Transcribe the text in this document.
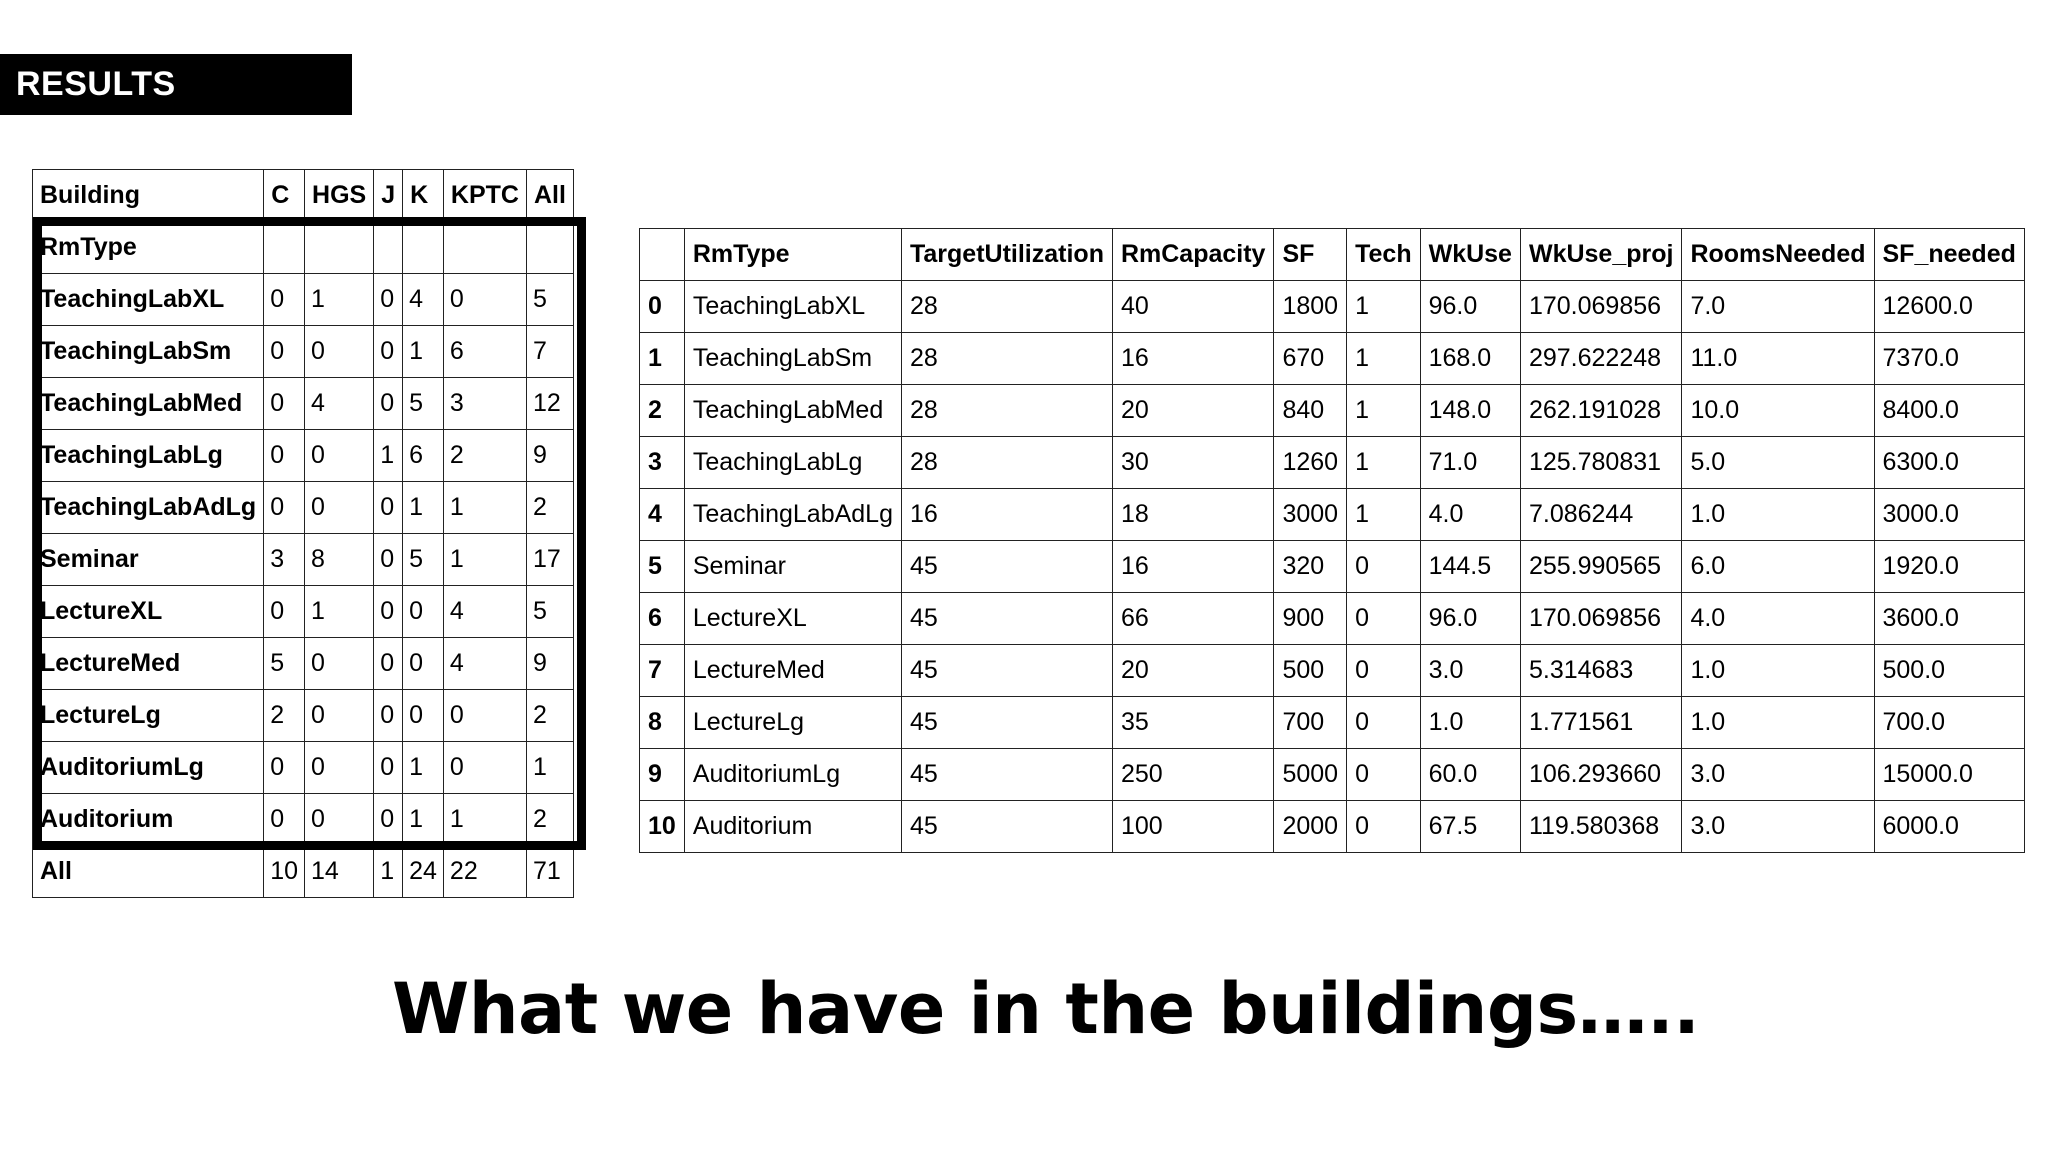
RESULTS
Building	C	HGS	J	K	KPTC	All
RmType						
TeachingLabXL	0	1	0	4	0	5
TeachingLabSm	0	0	0	1	6	7
TeachingLabMed	0	4	0	5	3	12
TeachingLabLg	0	0	1	6	2	9
TeachingLabAdLg	0	0	0	1	1	2
Seminar	3	8	0	5	1	17
LectureXL	0	1	0	0	4	5
LectureMed	5	0	0	0	4	9
LectureLg	2	0	0	0	0	2
AuditoriumLg	0	0	0	1	0	1
Auditorium	0	0	0	1	1	2
All	10	14	1	24	22	71
	RmType	TargetUtilization	RmCapacity	SF	Tech	WkUse	WkUse_proj	RoomsNeeded	SF_needed
0	TeachingLabXL	28	40	1800	1	96.0	170.069856	7.0	12600.0
1	TeachingLabSm	28	16	670	1	168.0	297.622248	11.0	7370.0
2	TeachingLabMed	28	20	840	1	148.0	262.191028	10.0	8400.0
3	TeachingLabLg	28	30	1260	1	71.0	125.780831	5.0	6300.0
4	TeachingLabAdLg	16	18	3000	1	4.0	7.086244	1.0	3000.0
5	Seminar	45	16	320	0	144.5	255.990565	6.0	1920.0
6	LectureXL	45	66	900	0	96.0	170.069856	4.0	3600.0
7	LectureMed	45	20	500	0	3.0	5.314683	1.0	500.0
8	LectureLg	45	35	700	0	1.0	1.771561	1.0	700.0
9	AuditoriumLg	45	250	5000	0	60.0	106.293660	3.0	15000.0
10	Auditorium	45	100	2000	0	67.5	119.580368	3.0	6000.0
What we have in the buildings…..
